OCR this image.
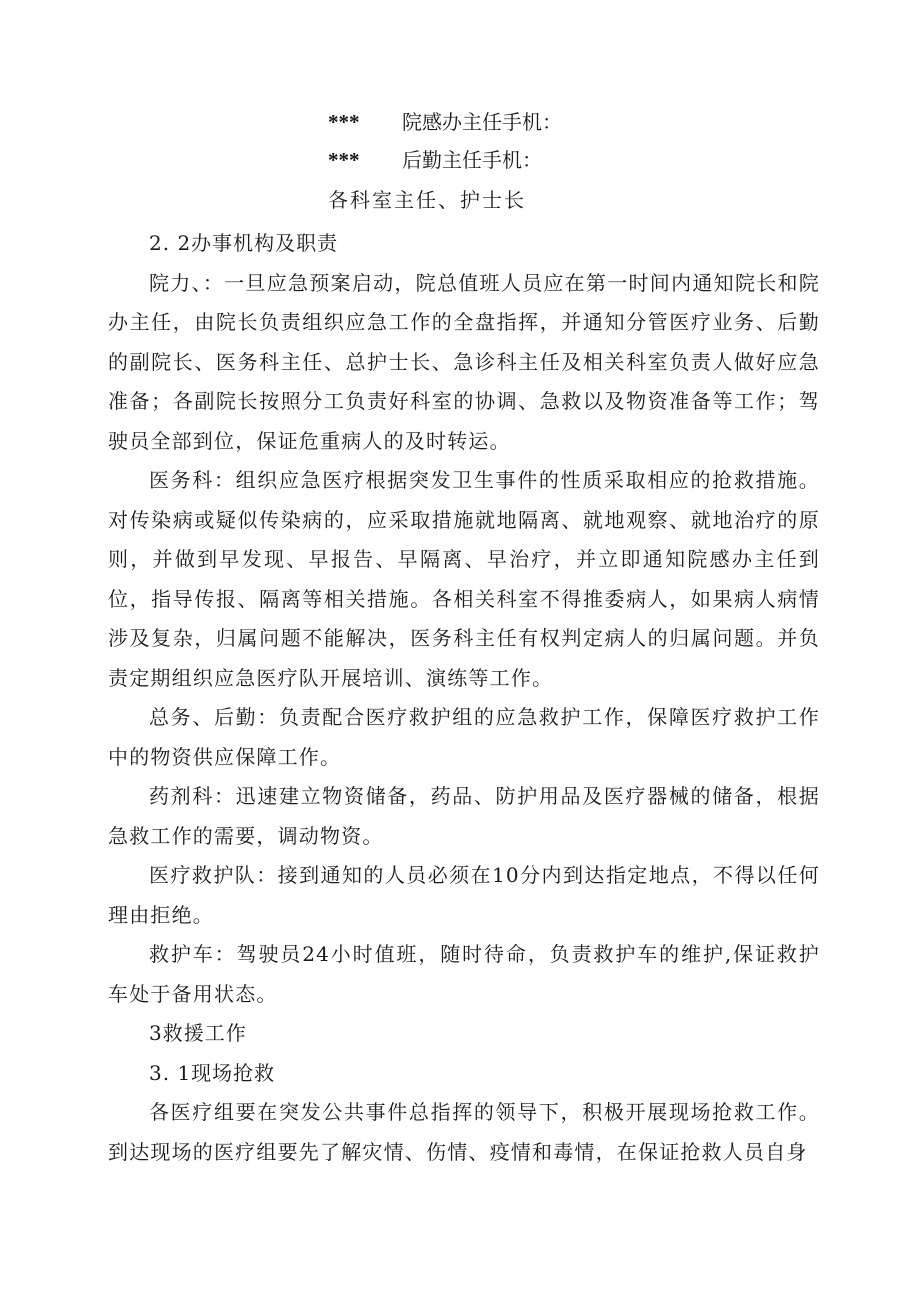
*** 院感办主任手机：
*** 后勤主任手机：
各科室主任、护士长

2. 2办事机构及职责

院力、：一旦应急预案启动，院总值班人员应在第一时间内通知院长和院办主任，由院长负责组织应急工作的全盘指挥，并通知分管医疗业务、后勤的副院长、医务科主任、总护士长、急诊科主任及相关科室负责人做好应急准备；各副院长按照分工负责好科室的协调、急救以及物资准备等工作；驾驶员全部到位，保证危重病人的及时转运。

医务科：组织应急医疗根据突发卫生事件的性质采取相应的抢救措施。对传染病或疑似传染病的，应采取措施就地隔离、就地观察、就地治疗的原则，并做到早发现、早报告、早隔离、早治疗，并立即通知院感办主任到位，指导传报、隔离等相关措施。各相关科室不得推委病人，如果病人病情涉及复杂，归属问题不能解决，医务科主任有权判定病人的归属问题。并负责定期组织应急医疗队开展培训、演练等工作。

总务、后勤：负责配合医疗救护组的应急救护工作，保障医疗救护工作中的物资供应保障工作。

药剂科：迅速建立物资储备，药品、防护用品及医疗器械的储备，根据急救工作的需要，调动物资。

医疗救护队：接到通知的人员必须在10分内到达指定地点，不得以任何理由拒绝。

救护车：驾驶员24小时值班，随时待命，负责救护车的维护,保证救护车处于备用状态。

3救援工作

3. 1现场抢救

各医疗组要在突发公共事件总指挥的领导下，积极开展现场抢救工作。到达现场的医疗组要先了解灾情、伤情、疫情和毒情，在保证抢救人员自身
